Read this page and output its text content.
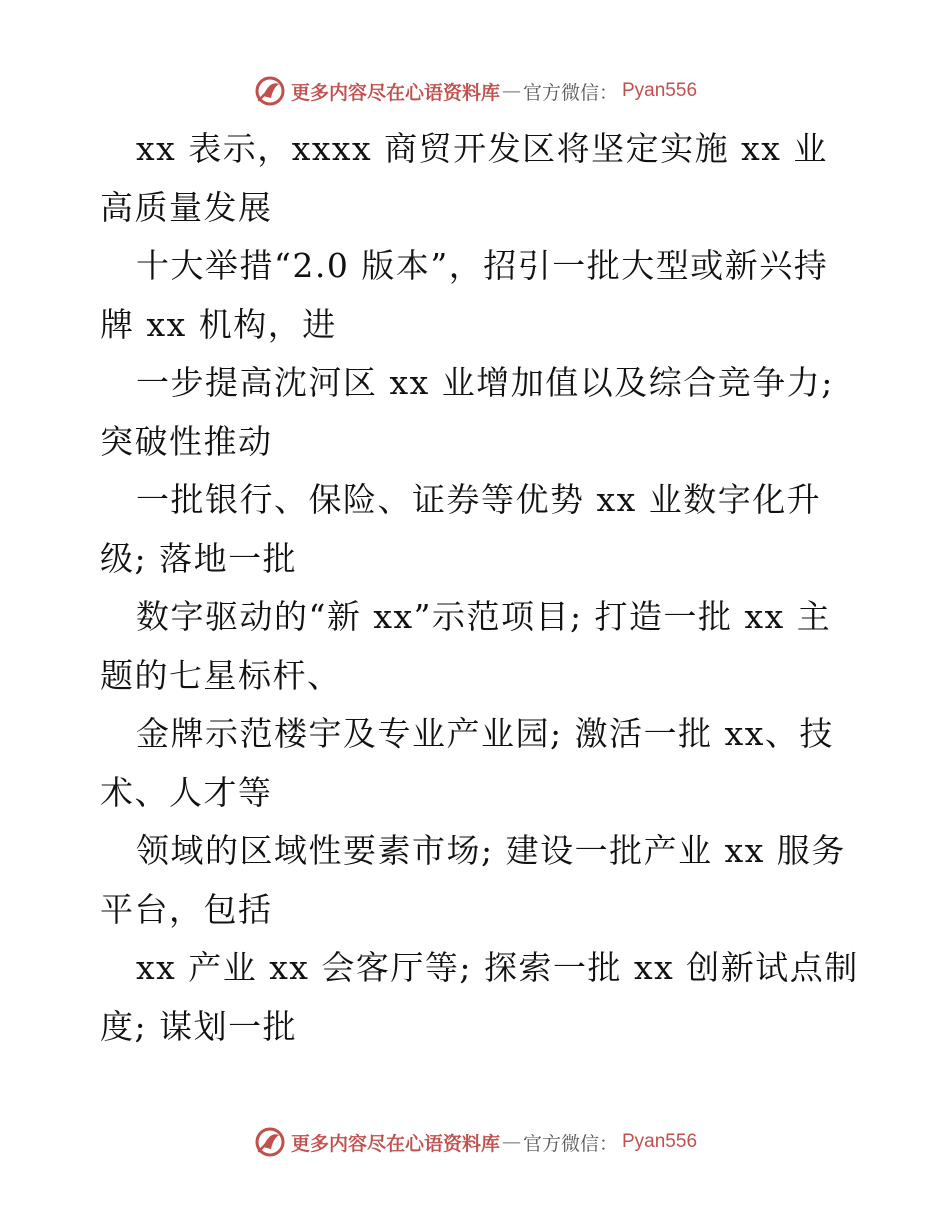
更多内容尽在心语资料库 — 官方微信： Pyan556

xx 表示，xxxx 商贸开发区将坚定实施 xx 业高质量发展

十大举措“2.0 版本”，招引一批大型或新兴持牌 xx 机构，进

一步提高沈河区 xx 业增加值以及综合竞争力;突破性推动

一批银行、保险、证券等优势 xx 业数字化升级; 落地一批

数字驱动的“新 xx”示范项目; 打造一批 xx 主题的七星标杆、

金牌示范楼宇及专业产业园; 激活一批 xx、技术、人才等

领域的区域性要素市场; 建设一批产业 xx 服务平台，包括

xx 产业 xx 会客厅等; 探索一批 xx 创新试点制度; 谋划一批

更多内容尽在心语资料库 — 官方微信： Pyan556
